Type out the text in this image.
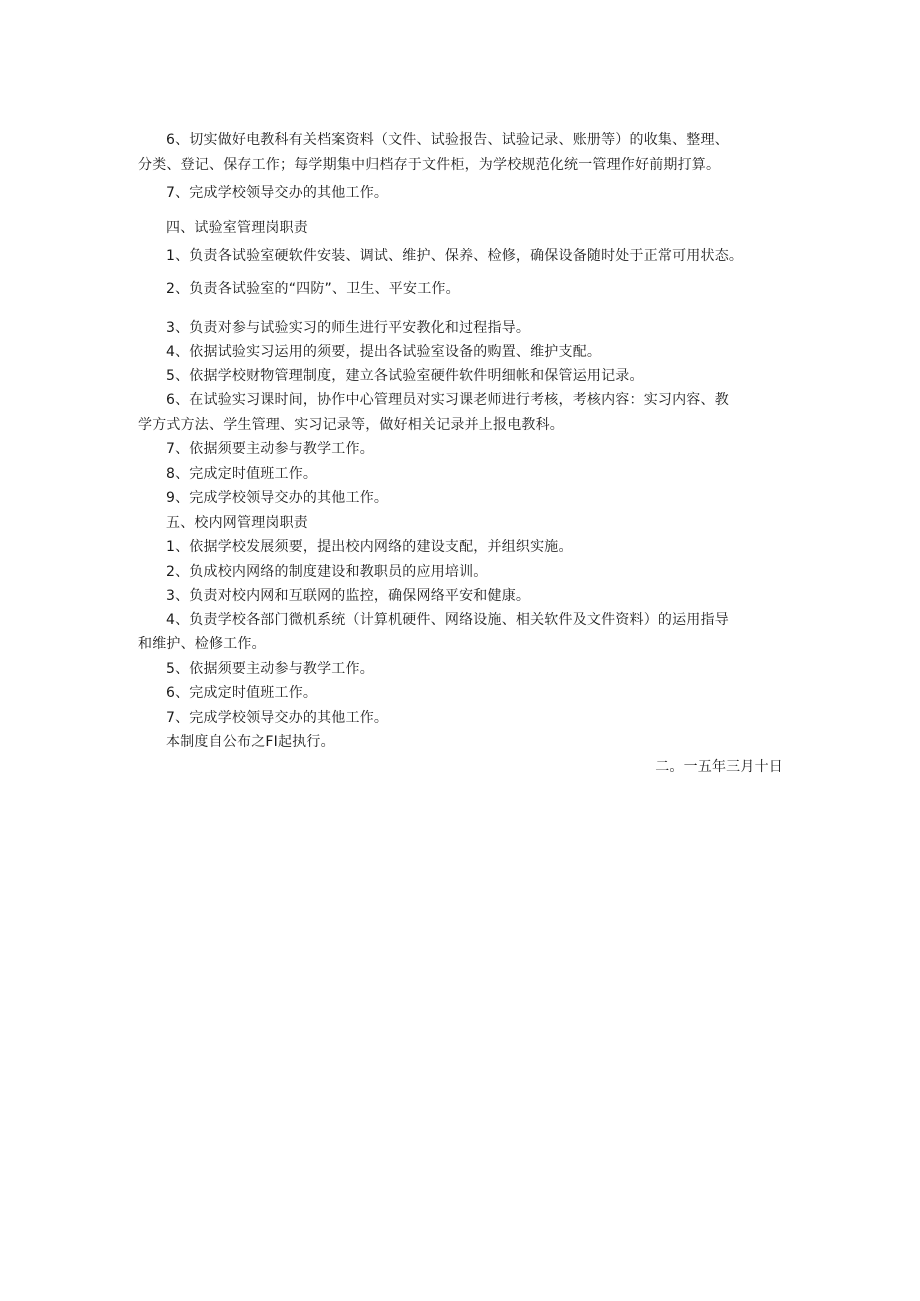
6、切实做好电教科有关档案资料（文件、试验报告、试验记录、账册等）的收集、整理、
分类、登记、保存工作；每学期集中归档存于文件柜，为学校规范化统一管理作好前期打算。
7、完成学校领导交办的其他工作。
四、试验室管理岗职责
1、负责各试验室硬软件安装、调试、维护、保养、检修，确保设备随时处于正常可用状态。
2、负责各试验室的“四防”、卫生、平安工作。
3、负责对参与试验实习的师生进行平安教化和过程指导。
4、依据试验实习运用的须要，提出各试验室设备的购置、维护支配。
5、依据学校财物管理制度，建立各试验室硬件软件明细帐和保管运用记录。
6、在试验实习课时间，协作中心管理员对实习课老师进行考核，考核内容：实习内容、教
学方式方法、学生管理、实习记录等，做好相关记录并上报电教科。
7、依据须要主动参与教学工作。
8、完成定时值班工作。
9、完成学校领导交办的其他工作。
五、校内网管理岗职责
1、依据学校发展须要，提出校内网络的建设支配，并组织实施。
2、负成校内网络的制度建设和教职员的应用培训。
3、负责对校内网和互联网的监控，确保网络平安和健康。
4、负责学校各部门微机系统（计算机硬件、网络设施、相关软件及文件资料）的运用指导
和维护、检修工作。
5、依据须要主动参与教学工作。
6、完成定时值班工作。
7、完成学校领导交办的其他工作。
本制度自公布之FI起执行。
二。一五年三月十日
